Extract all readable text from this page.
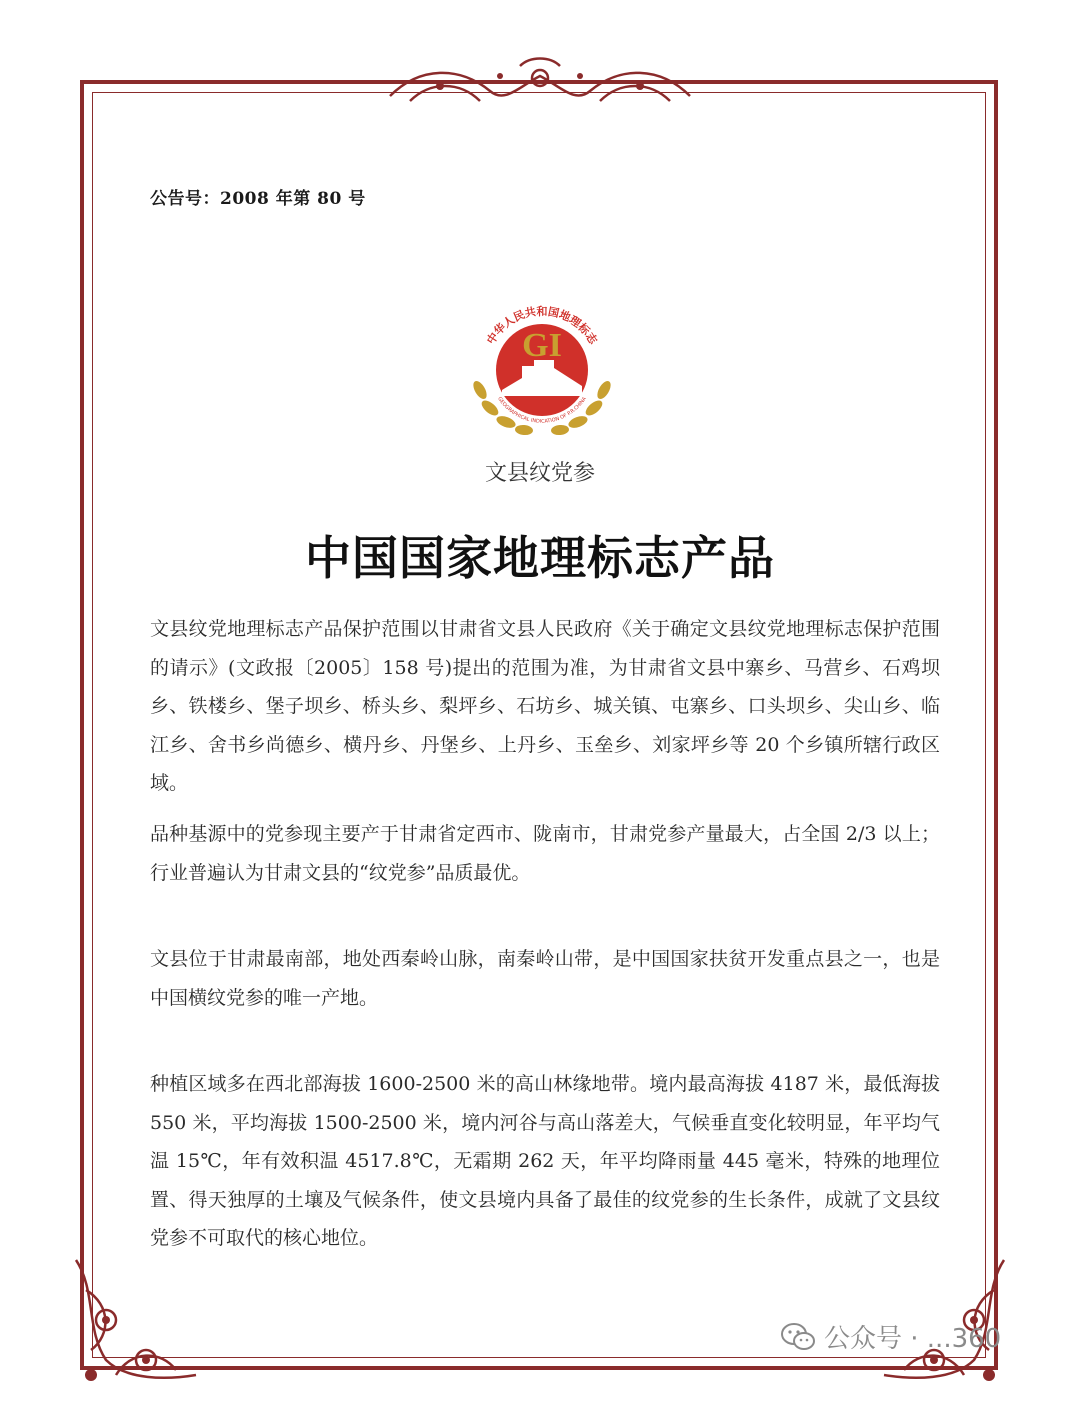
公告号：2008 年第 80 号
GI
中华人民共和国地理标志
GEOGRAPHICAL INDICATION OF P.R.CHINA
文县纹党参
中国国家地理标志产品
文县纹党地理标志产品保护范围以甘肃省文县人民政府《关于确定文县纹党地理标志保护范围的请示》(文政报〔2005〕158 号)提出的范围为准，为甘肃省文县中寨乡、马营乡、石鸡坝乡、铁楼乡、堡子坝乡、桥头乡、梨坪乡、石坊乡、城关镇、屯寨乡、口头坝乡、尖山乡、临江乡、舍书乡尚德乡、横丹乡、丹堡乡、上丹乡、玉垒乡、刘家坪乡等 20 个乡镇所辖行政区域。
品种基源中的党参现主要产于甘肃省定西市、陇南市，甘肃党参产量最大，占全国 2/3 以上；行业普遍认为甘肃文县的“纹党参”品质最优。
文县位于甘肃最南部，地处西秦岭山脉，南秦岭山带，是中国国家扶贫开发重点县之一，也是中国横纹党参的唯一产地。
种植区域多在西北部海拔 1600-2500 米的高山林缘地带。境内最高海拔 4187 米，最低海拔 550 米，平均海拔 1500-2500 米，境内河谷与高山落差大，气候垂直变化较明显，年平均气温 15℃，年有效积温 4517.8℃，无霜期 262 天，年平均降雨量 445 毫米，特殊的地理位置、得天独厚的土壤及气候条件，使文县境内具备了最佳的纹党参的生长条件，成就了文县纹党参不可取代的核心地位。
公众号 · ...360
